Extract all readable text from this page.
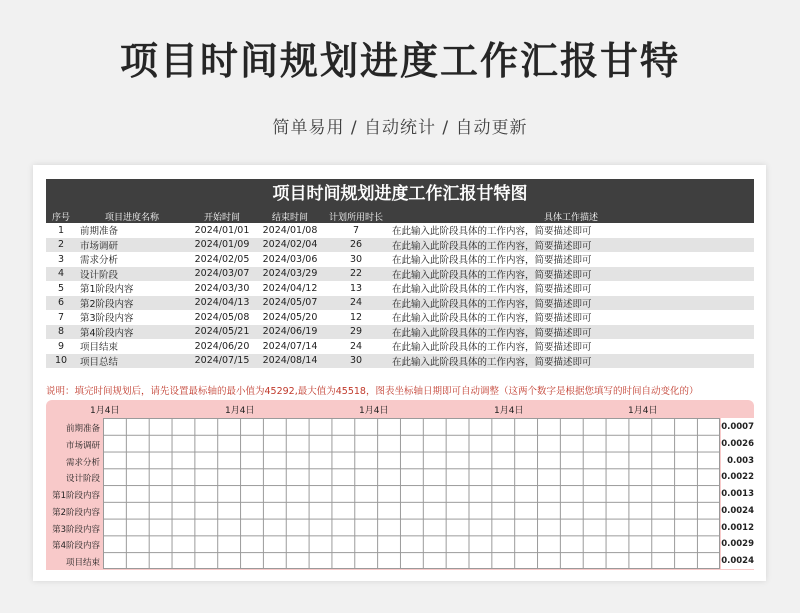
项目时间规划进度工作汇报甘特
简单易用 / 自动统计 / 自动更新
项目时间规划进度工作汇报甘特图
序号	项目进度名称	开始时间	结束时间	计划所用时长	具体工作描述
1	前期准备	2024/01/01	2024/01/08	7	在此输入此阶段具体的工作内容，简要描述即可
2	市场调研	2024/01/09	2024/02/04	26	在此输入此阶段具体的工作内容，简要描述即可
3	需求分析	2024/02/05	2024/03/06	30	在此输入此阶段具体的工作内容，简要描述即可
4	设计阶段	2024/03/07	2024/03/29	22	在此输入此阶段具体的工作内容，简要描述即可
5	第1阶段内容	2024/03/30	2024/04/12	13	在此输入此阶段具体的工作内容，简要描述即可
6	第2阶段内容	2024/04/13	2024/05/07	24	在此输入此阶段具体的工作内容，简要描述即可
7	第3阶段内容	2024/05/08	2024/05/20	12	在此输入此阶段具体的工作内容，简要描述即可
8	第4阶段内容	2024/05/21	2024/06/19	29	在此输入此阶段具体的工作内容，简要描述即可
9	项目结束	2024/06/20	2024/07/14	24	在此输入此阶段具体的工作内容，简要描述即可
10	项目总结	2024/07/15	2024/08/14	30	在此输入此阶段具体的工作内容，简要描述即可
说明：填完时间规划后，请先设置最标轴的最小值为45292,最大值为45518，图表坐标轴日期即可自动调整（这两个数字是根据您填写的时间自动变化的）
1月4日	1月4日	1月4日	1月4日	1月4日
前期准备	0.0007
市场调研	0.0026
需求分析	0.003
设计阶段	0.0022
第1阶段内容	0.0013
第2阶段内容	0.0024
第3阶段内容	0.0012
第4阶段内容	0.0029
项目结束	0.0024
